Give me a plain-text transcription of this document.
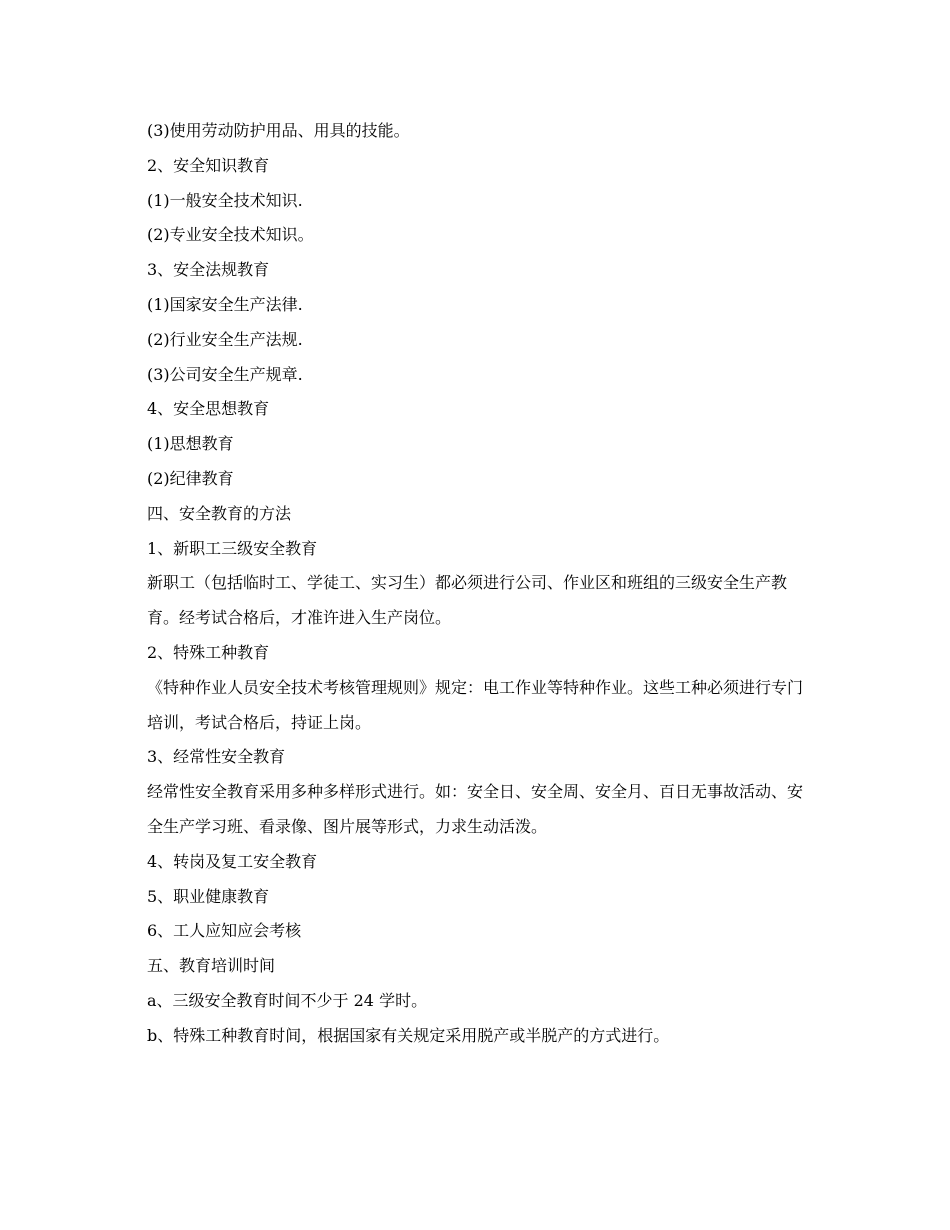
(3)使用劳动防护用品、用具的技能。
2、安全知识教育
(1)一般安全技术知识.
(2)专业安全技术知识。
3、安全法规教育
(1)国家安全生产法律.
(2)行业安全生产法规.
(3)公司安全生产规章.
4、安全思想教育
(1)思想教育
(2)纪律教育
四、安全教育的方法
1、新职工三级安全教育

新职工（包括临时工、学徒工、实习生）都必须进行公司、作业区和班组的三级安全生产教育。经考试合格后，才准许进入生产岗位。

2、特殊工种教育

《特种作业人员安全技术考核管理规则》规定：电工作业等特种作业。这些工种必须进行专门培训，考试合格后，持证上岗。

3、经常性安全教育

经常性安全教育采用多种多样形式进行。如：安全日、安全周、安全月、百日无事故活动、安全生产学习班、看录像、图片展等形式，力求生动活泼。

4、转岗及复工安全教育
5、职业健康教育
6、工人应知应会考核
五、教育培训时间
a、三级安全教育时间不少于 24 学时。
b、特殊工种教育时间，根据国家有关规定采用脱产或半脱产的方式进行。
